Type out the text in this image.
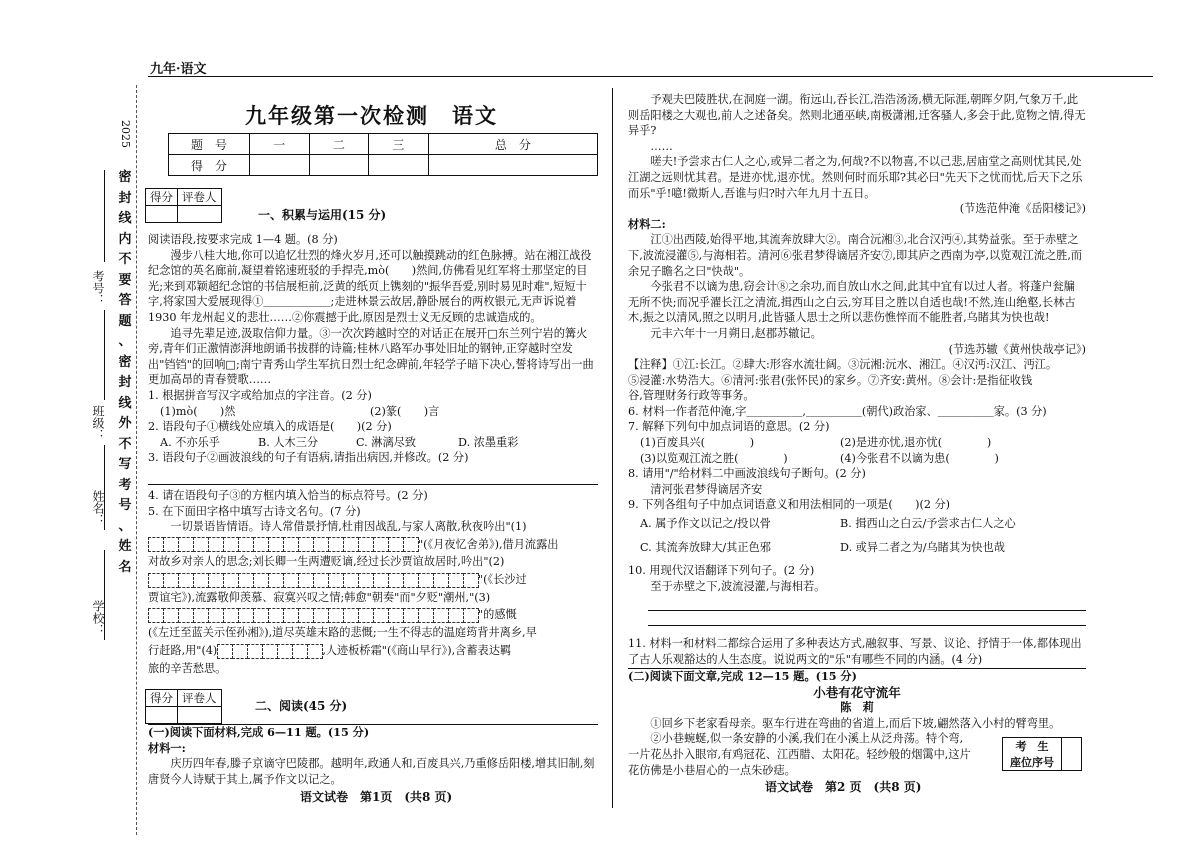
九年·语文
2025
考号：
班级：
姓名：
学校：
密
封
线
内
不
要
答
题
、
密
封
线
外
不
写
考
号
、
姓
名
九年级第一次检测　语文
题　号	一	二	三	总　分
得　分				
得分	评卷人

一、积累与运用(15 分)

阅读语段,按要求完成 1—4 题。(8 分)

漫步八桂大地,你可以追忆壮烈的烽火岁月,还可以触摸跳动的红色脉搏。站在湘江战役纪念馆的英名廊前,凝望着铭速班驳的手捍壳,mò(　　)然间,仿佛看见红军将士那坚定的目光;来到邓颖超纪念馆的书信展柜前,泛黄的纸页上镌刻的"振华吾爱,别时易见时难",短短十字,将家国大爱展现得①＿＿＿＿＿＿;走进林景云故居,静卧展台的两枚银元,无声诉说着 1930 年龙州起义的悲壮……②你震撼于此,原因是烈士义无反顾的忠诚造成的。

追寻先辈足迹,汲取信仰力量。③一次次跨越时空的对话正在展开□东兰列宁岩的篝火旁,青年们正激情澎湃地朗诵书拔群的诗篇;桂林八路军办事处旧址的钢钟,正穿越时空发出"铛铛"的回响□;南宁青秀山学生军抗日烈士纪念碑前,年轻学子暗下决心,誓将诗写出一曲更加高昂的青春赞歌……

1. 根据拼音写汉字或给加点的字注音。(2 分)

(1)mò(　　)然	(2)篆(　　)言

2. 语段句子①横线处应填入的成语是(　　)(2 分)

A. 不亦乐乎	B. 人木三分	C. 淋漓尽致	D. 浓墨重彩

3. 语段句子②画波浪线的句子有语病,请指出病因,并修改。(2 分)

4. 请在语段句子③的方框内填入恰当的标点符号。(2 分)

5. 在下面田字格中填写古诗文名句。(7 分)

一切景语皆情语。诗人常借景抒情,杜甫因战乱,与家人离散,秋夜吟出"(1)

"(《月夜忆舍弟》),借月流露出

对故乡对亲人的思念;刘长卿一生两遭贬谪,经过长沙贾谊故居时,吟出"(2)

"(《长沙过

贾谊宅》),流露敬仰羡慕、寂寞兴叹之情;韩愈"朝奏"而"夕贬"潮州,"(3)

"的感慨

(《左迁至蓝关示侄孙湘》),道尽英雄末路的悲慨;一生不得志的温庭筠背井离乡,早

行赶路,用"(4)	,人迹板桥霜"(《商山早行》),含蓄表达羁

旅的辛苦愁思。

得分	评卷人

二、阅读(45 分)

(一)阅读下面材料,完成 6—11 题。(15 分)

材料一:

庆历四年春,滕子京谪守巴陵郡。越明年,政通人和,百废具兴,乃重修岳阳楼,增其旧制,刻唐贤今人诗赋于其上,属予作文以记之。

语文试卷　第1页　(共8 页)

予观夫巴陵胜状,在洞庭一湖。衔远山,吞长江,浩浩汤汤,横无际涯,朝晖夕阴,气象万千,此则岳阳楼之大观也,前人之述备矣。然则北通巫峡,南极潇湘,迁客骚人,多会于此,览物之情,得无异乎?

……

嗟夫!予尝求古仁人之心,或异二者之为,何哉?不以物喜,不以己悲,居庙堂之高则忧其民,处江湖之远则忧其君。是进亦忧,退亦忧。然则何时而乐耶?其必曰"先天下之忧而忧,后天下之乐而乐"乎!噫!微斯人,吾谁与归?时六年九月十五日。

(节选范仲淹《岳阳楼记》)

材料二:

江①出西陵,始得平地,其流奔放肆大②。南合沅湘③,北合汉沔④,其势益张。至于赤壁之下,波流浸灌⑤,与海相若。清河⑥张君梦得谪居齐安⑦,即其庐之西南为亭,以览观江流之胜,而余兄子瞻名之曰"快哉"。

今张君不以谪为患,窃会计⑧之余功,而自放山水之间,此其中宜有以过人者。将蓬户瓮牖无所不快;而况乎濯长江之清流,揖西山之白云,穷耳目之胜以自适也哉!不然,连山绝壑,长林古木,振之以清风,照之以明月,此皆骚人思士之所以悲伤憔悴而不能胜者,乌睹其为快也哉!

元丰六年十一月朔日,赵郡苏辙记。

(节选苏辙《黄州快哉亭记》)

【注释】①江:长江。②肆大:形容水流壮阔。③沅湘:沅水、湘江。④汉沔:汉江、沔江。

⑤浸灌:水势浩大。⑥清河:张君(张怀民)的家乡。⑦齐安:黄州。⑧会计:是指征收钱

谷,管理财务行政等事务。

6. 材料一作者范仲淹,字＿＿＿＿＿,＿＿＿＿＿(朝代)政治家、＿＿＿＿＿家。(3 分)

7. 解释下列句中加点词语的意思。(2 分)

(1)百废具兴(　　　　)	(2)是进亦忧,退亦忧(　　　　)

(3)以览观江流之胜(　　　　)	(4)今张君不以谪为患(　　　　)

8. 请用"/"给材料二中画波浪线句子断句。(2 分)

清河张君梦得谪居齐安

9. 下列各组句子中加点词语意义和用法相同的一项是(　　)(2 分)

A. 属予作文以记之/投以骨	B. 揖西山之白云/予尝求古仁人之心

C. 其流奔放肆大/其正色邪	D. 或异二者之为/乌睹其为快也哉

10. 用现代汉语翻译下列句子。(2 分)

至于赤壁之下,波流浸灌,与海相若。

11. 材料一和材料二都综合运用了多种表达方式,融叙事、写景、议论、抒情于一体,都体现出了古人乐观豁达的人生态度。说说两文的"乐"有哪些不同的内涵。(4 分)

(二)阅读下面文章,完成 12—15 题。(15 分)

小巷有花守流年

陈　莉

①回乡下老家看母亲。驱车行进在弯曲的省道上,而后下坡,翩然落入小村的臂弯里。

②小巷蜿蜒,似一条安静的小溪,我们在小溪上从泛舟荡。特个弯,

一片花丛扑入眼帘,有鸡冠花、江西腊、太阳花。轻纱般的烟霭中,这片

花仿佛是小巷眉心的一点朱砂痣。

考　生
座位序号

语文试卷　第2 页　(共8 页)
